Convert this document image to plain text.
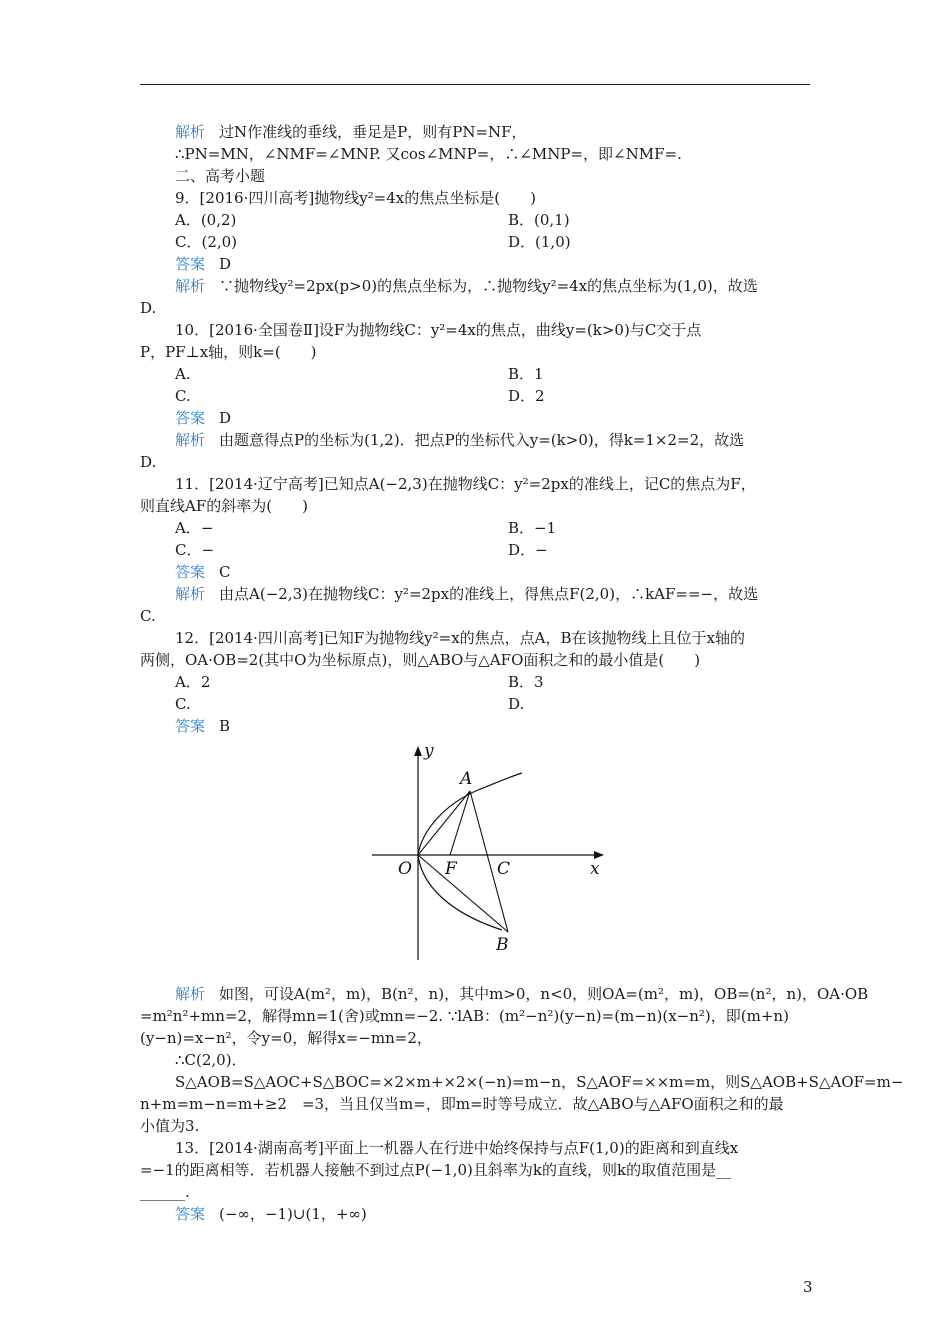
解析 过N作准线的垂线，垂足是P，则有PN=NF，
∴PN=MN，∠NMF=∠MNP. 又cos∠MNP=，∴∠MNP=，即∠NMF=.
二、高考小题
9．[2016·四川高考]抛物线y²=4x的焦点坐标是(　　)
A．(0,2)	B．(0,1)
C．(2,0)	D．(1,0)
答案 D
解析 ∵抛物线y²=2px(p>0)的焦点坐标为，∴抛物线y²=4x的焦点坐标为(1,0)，故选
D.
10．[2016·全国卷Ⅱ]设F为抛物线C：y²=4x的焦点，曲线y=(k>0)与C交于点
P，PF⊥x轴，则k=(　　)
A.	B．1
C.	D．2
答案 D
解析 由题意得点P的坐标为(1,2)．把点P的坐标代入y=(k>0)，得k=1×2=2，故选
D.
11．[2014·辽宁高考]已知点A(−2,3)在抛物线C：y²=2px的准线上，记C的焦点为F，
则直线AF的斜率为(　　)
A．−	B．−1
C．−	D．−
答案 C
解析 由点A(−2,3)在抛物线C：y²=2px的准线上，得焦点F(2,0)，∴kAF==−，故选
C.
12．[2014·四川高考]已知F为抛物线y²=x的焦点，点A，B在该抛物线上且位于x轴的
两侧，OA·OB=2(其中O为坐标原点)，则△ABO与△AFO面积之和的最小值是(　　)
A．2	B．3
C.	D.
答案 B
y
A
O F C	x
B
解析 如图，可设A(m²，m)，B(n²，n)，其中m>0，n<0，则OA=(m²，m)，OB=(n²，n)，OA·OB
=m²n²+mn=2，解得mn=1(舍)或mn=−2. ∵lAB：(m²−n²)(y−n)=(m−n)(x−n²)，即(m+n)
(y−n)=x−n²，令y=0，解得x=−mn=2，
∴C(2,0)．
S△AOB=S△AOC+S△BOC=×2×m+×2×(−n)=m−n，S△AOF=××m=m，则S△AOB+S△AOF=m−
n+m=m−n=m+≥2　=3，当且仅当m=，即m=时等号成立．故△ABO与△AFO面积之和的最
小值为3.
13．[2014·湖南高考]平面上一机器人在行进中始终保持与点F(1,0)的距离和到直线x
=−1的距离相等．若机器人接触不到过点P(−1,0)且斜率为k的直线，则k的取值范围是__
______.
答案 (−∞，−1)∪(1，+∞)
3
